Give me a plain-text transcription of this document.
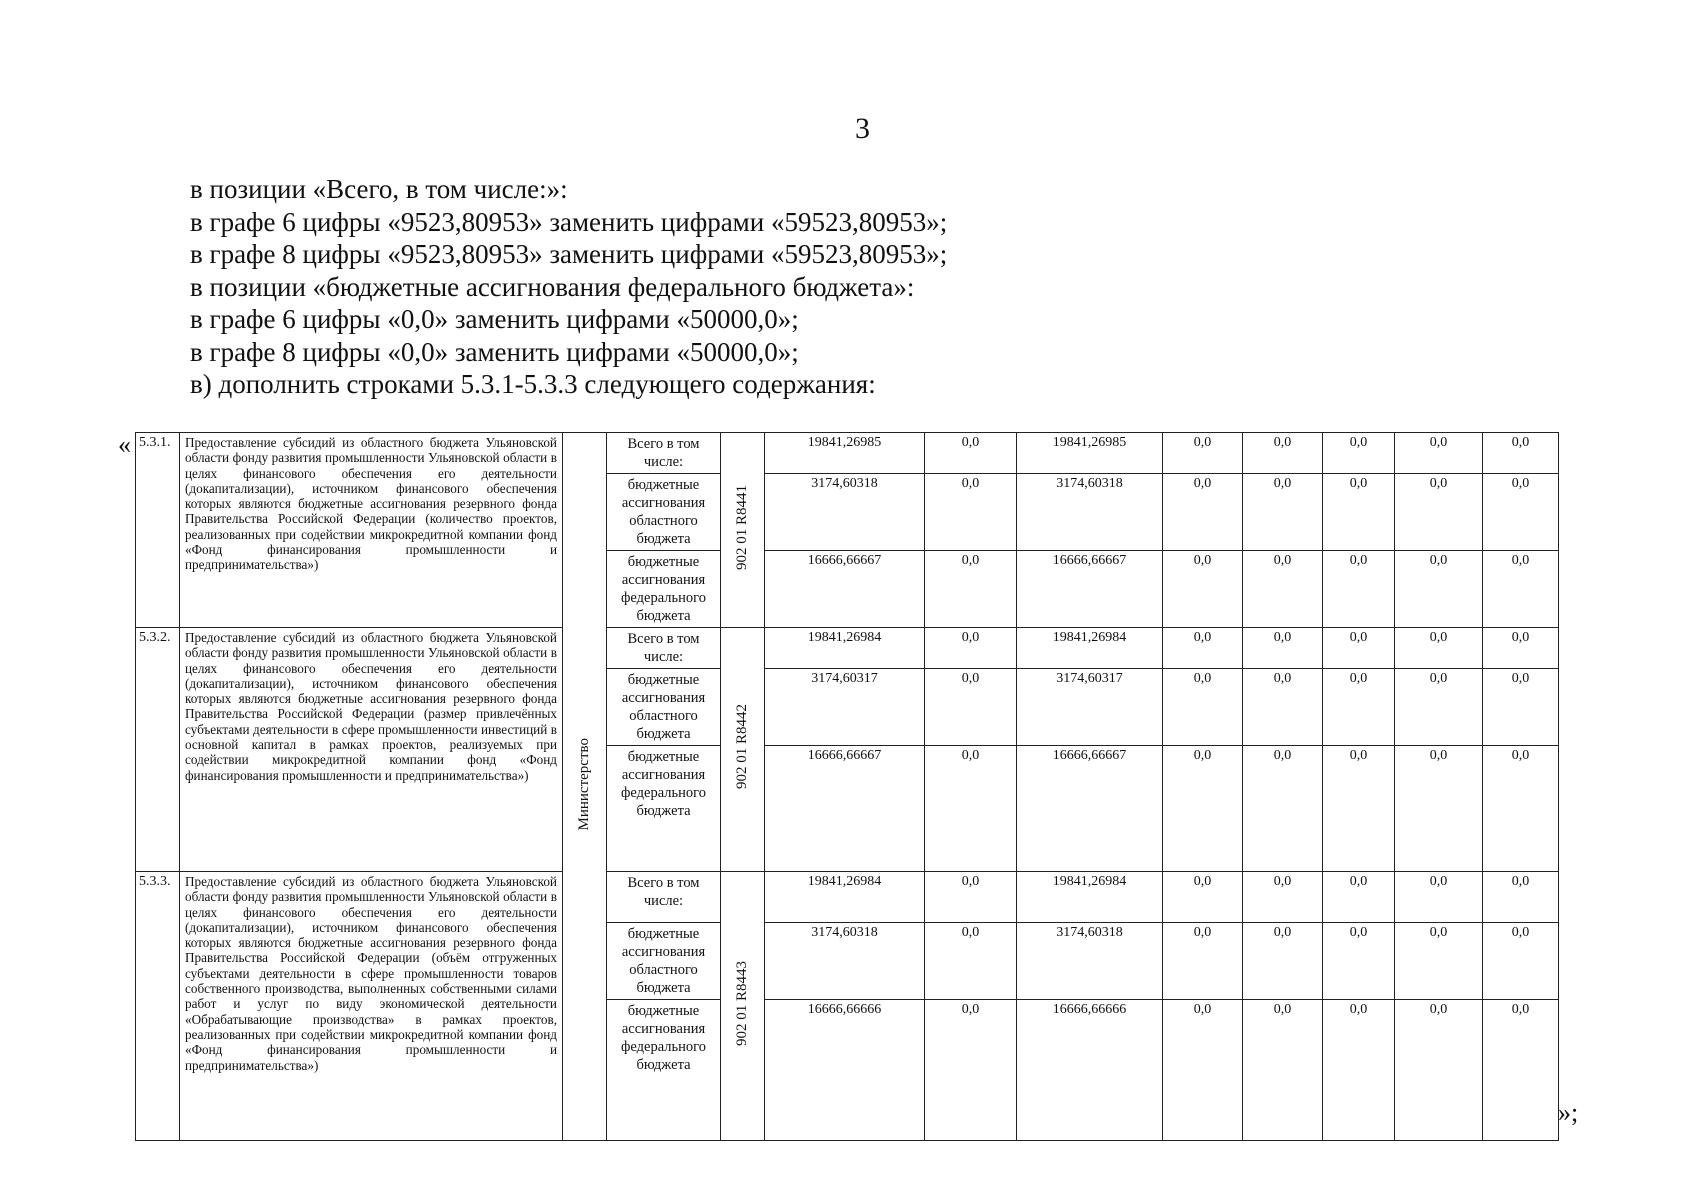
3
в позиции «Всего, в том числе:»:
в графе 6 цифры «9523,80953» заменить цифрами «59523,80953»;
в графе 8 цифры «9523,80953» заменить цифрами «59523,80953»;
в позиции «бюджетные ассигнования федерального бюджета»:
в графе 6 цифры «0,0» заменить цифрами «50000,0»;
в графе 8 цифры «0,0» заменить цифрами «50000,0»;
в) дополнить строками 5.3.1-5.3.3 следующего содержания:
« 5.3.1.	Предоставление субсидий из областного бюджета Ульяновской области фонду развития промышленности Ульяновской области в целях финансового обеспечения его деятельности (докапитализации), источником финансового обеспечения которых являются бюджетные ассигнования резервного фонда Правительства Российской Федерации (количество проектов, реализованных при содействии микрокредитной компании фонд «Фонд финансирования промышленности и предпринимательства»)	Министерство	Всего в том числе:	902 01 R8441	19841,26985	0,0	19841,26985	0,0	0,0	0,0	0,0	0,0
			бюджетные ассигнования областного бюджета		3174,60318	0,0	3174,60318	0,0	0,0	0,0	0,0	0,0
			бюджетные ассигнования федерального бюджета		16666,66667	0,0	16666,66667	0,0	0,0	0,0	0,0	0,0
5.3.2.	Предоставление субсидий из областного бюджета Ульяновской области фонду развития промышленности Ульяновской области в целях финансового обеспечения его деятельности (докапитализации), источником финансового обеспечения которых являются бюджетные ассигнования резервного фонда Правительства Российской Федерации (размер привлечённых субъектами деятельности в сфере промышленности инвестиций в основной капитал в рамках проектов, реализуемых при содействии микрокредитной компании фонд «Фонд финансирования промышленности и предпринимательства»)		Всего в том числе:	902 01 R8442	19841,26984	0,0	19841,26984	0,0	0,0	0,0	0,0	0,0
			бюджетные ассигнования областного бюджета		3174,60317	0,0	3174,60317	0,0	0,0	0,0	0,0	0,0
			бюджетные ассигнования федерального бюджета		16666,66667	0,0	16666,66667	0,0	0,0	0,0	0,0	0,0
5.3.3.	Предоставление субсидий из областного бюджета Ульяновской области фонду развития промышленности Ульяновской области в целях финансового обеспечения его деятельности (докапитализации), источником финансового обеспечения которых являются бюджетные ассигнования резервного фонда Правительства Российской Федерации (объём отгруженных субъектами деятельности в сфере промышленности товаров собственного производства, выполненных собственными силами работ и услуг по виду экономической деятельности «Обрабатывающие производства» в рамках проектов, реализованных при содействии микрокредитной компании фонд «Фонд финансирования промышленности и предпринимательства»)		Всего в том числе:	902 01 R8443	19841,26984	0,0	19841,26984	0,0	0,0	0,0	0,0	0,0
			бюджетные ассигнования областного бюджета		3174,60318	0,0	3174,60318	0,0	0,0	0,0	0,0	0,0
			бюджетные ассигнования федерального бюджета		16666,66666	0,0	16666,66666	0,0	0,0	0,0	0,0	0,0
»;
